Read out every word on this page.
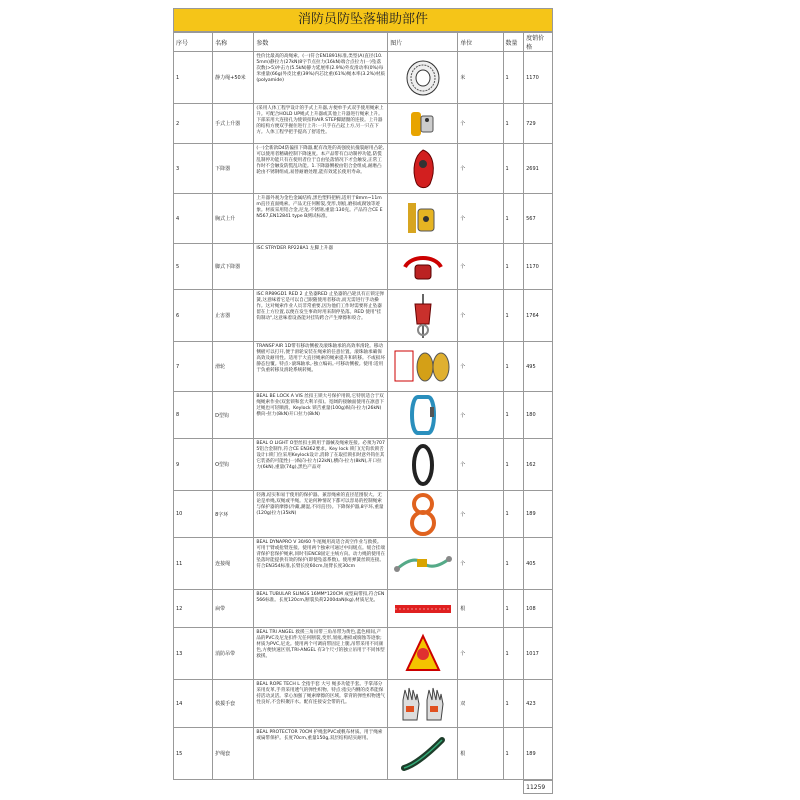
消防员防坠落辅助部件
序号	名称	参数	图片	单位	数量	度销价格
1	静力绳+50米	性价比最高的高绳索。(一)符合EN1891标准,类型(A)直径(10.5mm)静拉力(27kN)8字节点拉力(16kN)端合点拉力(一)坠落次数(>5)冲击力(5.5kN)静力延展率(2.9%)外皮滑动率(0%)每米重量(66g)外皮比重(39%)内芯比重(61%)绳本率(3.2%)材质(polyamide)		米	1	1170
2	手式上升器	(采用人体工程学设计的手式上升器,方便单手式双手使用绳索上升。可配合HOLD UP绳式上升器或其他上升器进行绳索上升。下部采用大连接孔为使锁扣和AIR STEP脚踏圈的连接。上升器的结构方便双手握住进行上升:一只手在凸起上方,另一只在下方。人体工程学把手提高了舒适性。		个	1	729
3	下降器	(一)全新款D4防偏扭下降器,配有改进的高强度抗撞裂耐用凸轮,可以使用者精确控制下降速度。本产品带有自动制停功能,防慌乱制停功能只有在使用者位于自由坠落情况下才会触发,正常工作时不会触发防慌乱功能。1.下降器侧板由铝合金组成,耐磨凸轮由不锈钢组成,易替耐磨处理,能有效延长使用寿命。		个	1	2691
4	胸式上升	上升器外观为金色金属结构,黑色塑料把柄,适用于8mm~11mm直径直面绳索。产品无任何断裂,变形,划痕,磨损或腐蚀等迹象。材质采用铝合金,尼龙,不锈钢,重量:130克。产品符合CE EN567,EN12841 type B测试标准。		个	1	567
5	脚式下降器	ISC STRYDER RP228A1 左脚上升器		个	1	1170
6	止害器	ISC RP89GD1 RED 2 止坠器RED 止坠器的凸轮具有正锁定弹簧,这意味着它是可以自己跟随使用者移动,而无需进行手动操作。这对绳索作业人员非常重要,因为他们工作时需要将止坠器留在上方位置,以便在发生事故时用来制停坠落。RED 使用"挂钩制动",这意味着设备能对挂钩跨合产生摩擦和咬合。		个	1	1764
7	滑轮	TRANSF'AIR 1D带有移动侧板及滚珠轴承的高效率滑轮。移动侧板可以打开,便于滑轮安装在绳索的任意位置。滚珠轴承确保高效及耐用性。适用于大直径绳索的绳索提升和转移。不或损坏静态包覆。特点:·滚珠轴承。·独立编码。·可移动侧板。使用:适用于负重转移及滑轮系统转绳。		个	1	495
8	D型钩	BEAL BE LOCK A VIS 丝扣王锁大号保护用锁,它特别适合于双绳绳索作业(双套锁和套大利羊扣)。宽阔的接触面使用在凛意下过绳也可轻顺滑。Keylock 锁舌重量(100g)纵向-拉力(26kN)横向-拉力(8kN)开口拉力(8kN)		个	1	180
9	O型钩	BEAL O LIGHT O型丝扣主锁用于器械及绳索连接。必须为7075铝合金制作,符合CE EN362要求。Key lock 锁门(无钩状锁舌设计):锁门位采用Keylock设计,消除了在取挂锁扣时意外钩住其它装备的可能性(一)纵向-拉力(22kN),横向-拉力(8kN),开口拉力(6kN),重量(74g),黑色产品对		个	1	162
10	8字环	轻薄,结实和易于使用的保护器。兼容绳索的直径范围很大。无论是单绳,双绳或半绳。无论何种情况下都可以容易的控制绳索与保护器的摩擦(冷藏,潮湿,不同直径)。下降保护器,8字环,重量(120g)拉力(35kN)		个	1	189
11	连接绳	BEAL DYNAPRO V 30/60 牛尾绳用高适合高空作业与救援。可用于臂或抢臂连接。使用两个独索可通过中间缓点。缓合挂端背保护套保护绳索,同时有ENC8固定主绒方向。动力绳的使用在坠落时能提供有效的保护(即使坠落系数)。使用弹簧丝锁连接。符合EN354标准,长臂长度60cm,短臂长度30cm		个	1	405
12	扁带	BEAL TUBULAR SLINGS 16MM*120CM 成型扁带扣,符合EN566标准。长度120cm,断裂负荷2200daN(kg),材质尼龙。		根	1	108
13	消防吊带	BEAL TRI ANGEL 救援三角吊带三角吊带为黄色,蓝色相间,产品的PVC及尼龙扣件无任何断裂,变形,划痕,磨损或腐蚀等迹象;材质为PVC,尼龙。使用两个可调肩带固定上腿,吊带采用不同颜色,方便快速区别,TRI-ANGEL 有3个尺寸的独立吊用于不同体型救援。		个	1	1017
14	救援手套	BEAL ROPE TECH L 全指手套 大号 绳多功能手套。手掌部分采用皮革,手背采用透气的弹性织物。特点:指尖内侧的皮革能保持活动灵活。掌心加强了绳索摩擦的区域。掌背的弹性织物透气性良好,不会积聚汗水。配有连接安全带的孔。		双	1	423
15	护绳套	BEAL PROTECTOR 70CM 护绳套PVC或帆布材质。用于绳索或扁带保护。长度70cm,重量150g,双层结构结实耐用。		根	1	189
						11259
